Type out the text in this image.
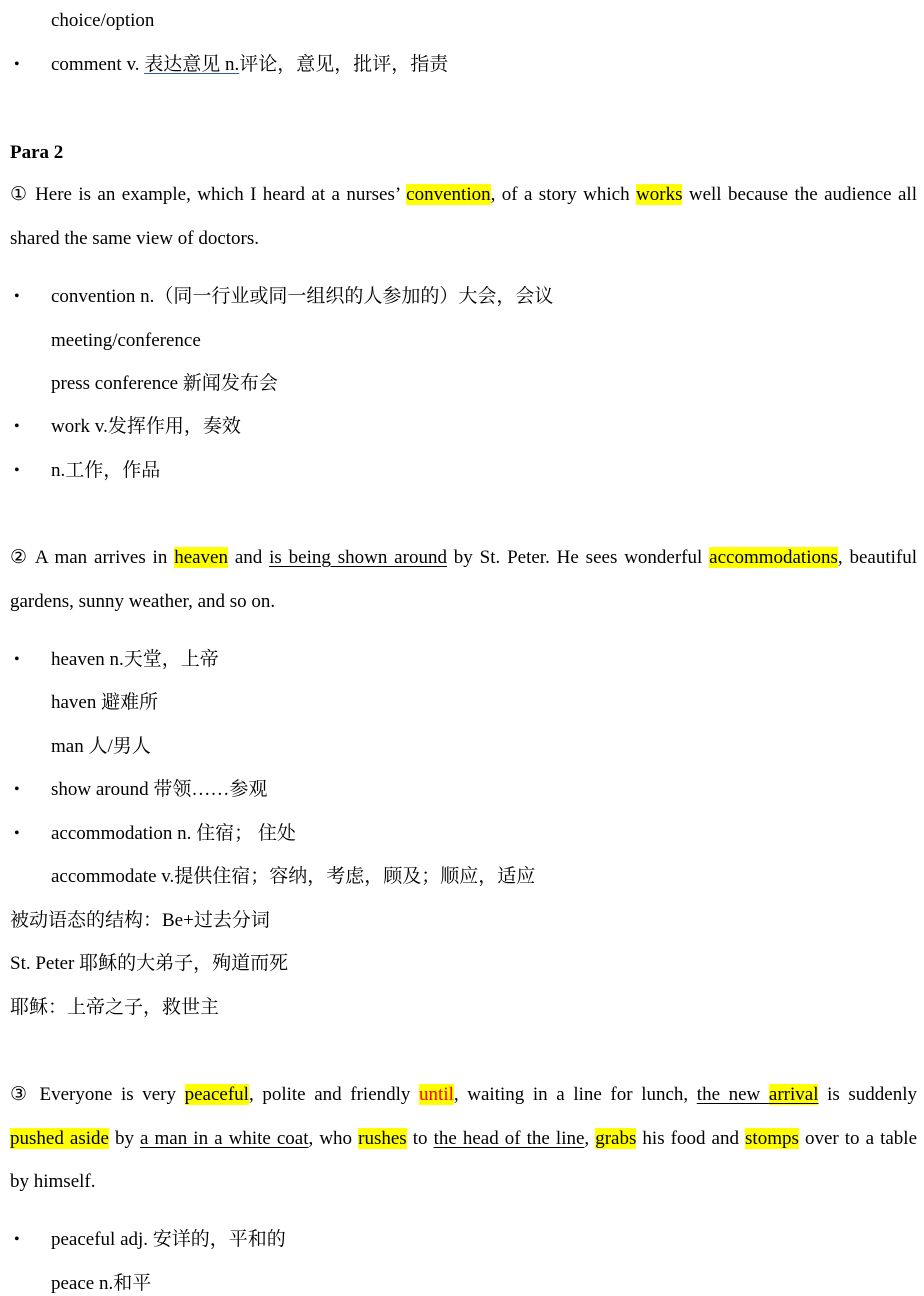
choice/option
• comment v. 表达意见 n.评论，意见，批评，指责
Para 2
① Here is an example, which I heard at a nurses’ convention, of a story which works well because the audience all
shared the same view of doctors.
• convention n.（同一行业或同一组织的人参加的）大会，会议
meeting/conference
press conference 新闻发布会
• work v.发挥作用，奏效
• n.工作，作品
② A man arrives in heaven and is being shown around by St. Peter. He sees wonderful accommodations, beautiful
gardens, sunny weather, and so on.
• heaven n.天堂，上帝
haven 避难所
man 人/男人
• show around 带领……参观
• accommodation n. 住宿； 住处
accommodate v.提供住宿；容纳，考虑，顾及；顺应，适应
被动语态的结构：Be+过去分词
St. Peter 耶稣的大弟子，殉道而死
耶稣：上帝之子，救世主
③ Everyone is very peaceful, polite and friendly until, waiting in a line for lunch, the new arrival is suddenly
pushed aside by a man in a white coat, who rushes to the head of the line, grabs his food and stomps over to a table
by himself.
• peaceful adj. 安详的，平和的
peace n.和平
